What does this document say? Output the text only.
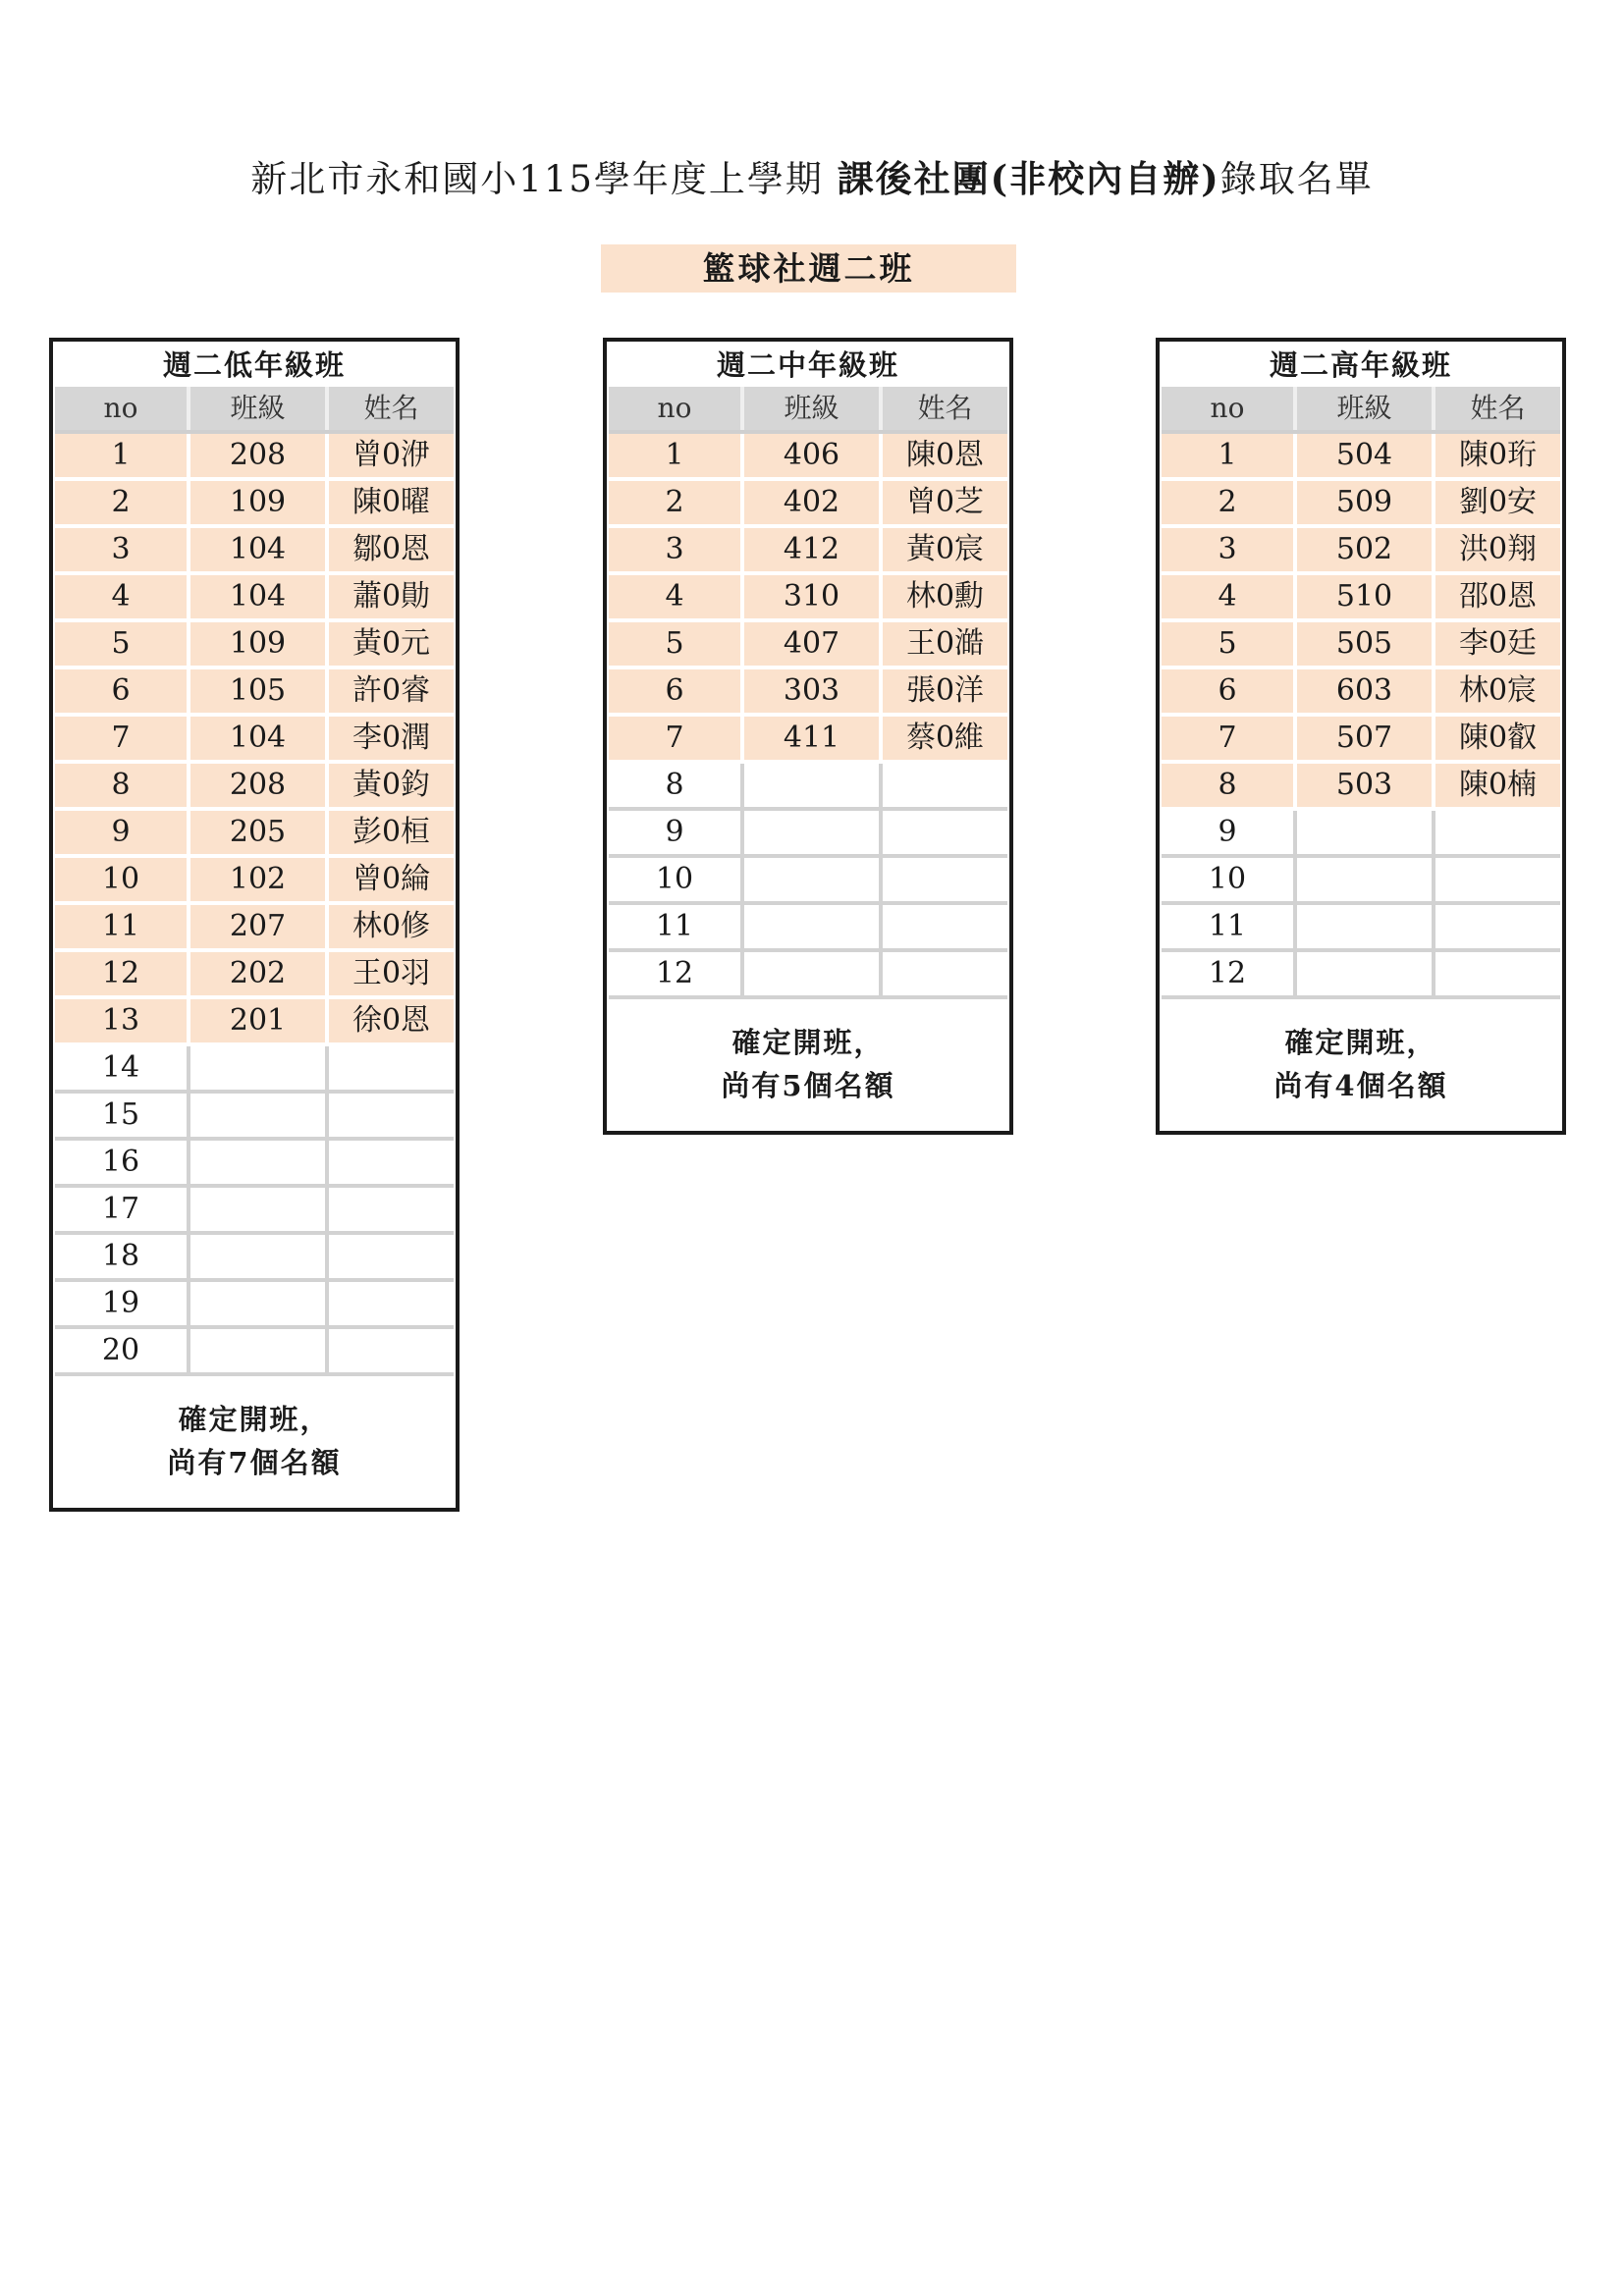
新北市永和國小115學年度上學期 課後社團(非校內自辦)錄取名單
籃球社週二班
週二低年級班
no	班級	姓名
1	208	曾0洢
2	109	陳0曜
3	104	鄒0恩
4	104	蕭0勛
5	109	黃0元
6	105	許0睿
7	104	李0潤
8	208	黃0鈞
9	205	彭0桓
10	102	曾0綸
11	207	林0修
12	202	王0羽
13	201	徐0恩
14
15
16
17
18
19
20
確定開班，
尚有7個名額
週二中年級班
no	班級	姓名
1	406	陳0恩
2	402	曾0芝
3	412	黃0宸
4	310	林0勳
5	407	王0澔
6	303	張0洋
7	411	蔡0維
8
9
10
11
12
確定開班，
尚有5個名額
週二高年級班
no	班級	姓名
1	504	陳0珩
2	509	劉0安
3	502	洪0翔
4	510	邵0恩
5	505	李0廷
6	603	林0宸
7	507	陳0叡
8	503	陳0楠
9
10
11
12
確定開班，
尚有4個名額
